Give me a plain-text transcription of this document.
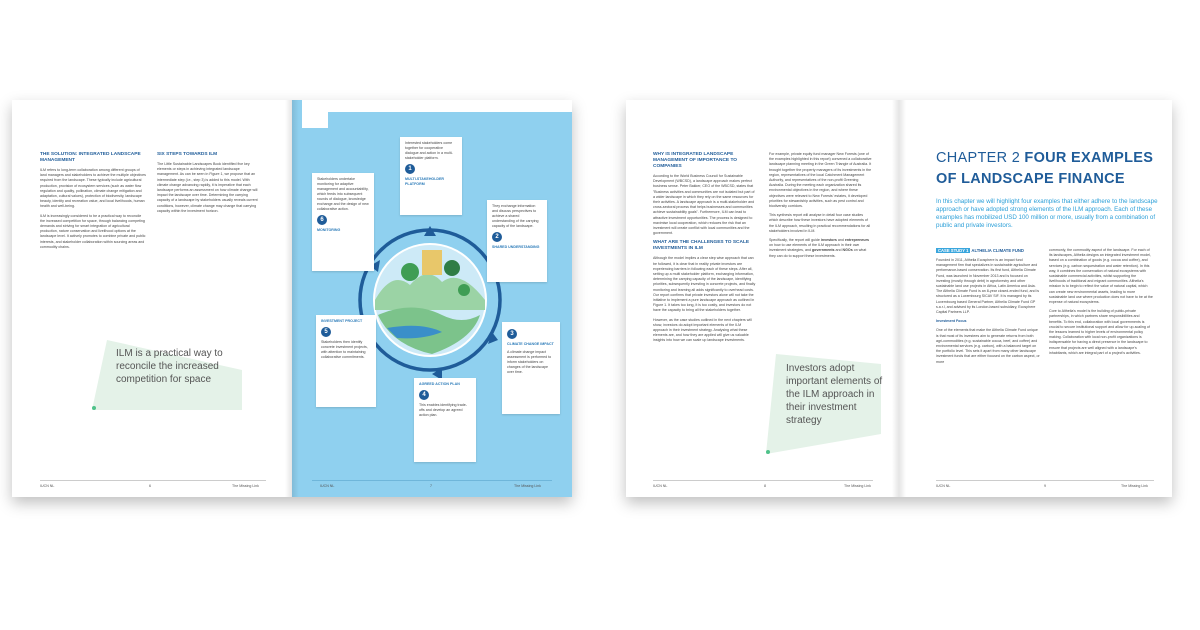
THE SOLUTION: INTEGRATED LANDSCAPE MANAGEMENT

ILM refers to long-term collaboration among different groups of land managers and stakeholders to achieve the multiple objectives required from the landscape. These typically include agricultural production, provision of ecosystem services (such as water flow regulation and quality, pollination, climate change mitigation and adaptation, cultural values), protection of biodiversity, landscape beauty, identity and recreation value, and local livelihoods, human health and well-being.

ILM is increasingly considered to be a practical way to reconcile the increased competition for space, through balancing competing demands and striving for smart integration of agricultural production, nature conservation and livelihood options at the landscape level. It actively promotes to combine private and public interests, and stakeholder collaboration within sourcing areas and commodity chains.

SIX STEPS TOWARDS ILM

The Little Sustainable Landscapes Book identified five key elements or steps in achieving integrated landscape management. As can be seen in Figure 1, we propose that an intermediate step (i.e., step 3) is added to this model. With climate change advancing rapidly, it is imperative that each landscape performs an assessment on how climate change will impact the landscape over time. Determining the carrying capacity of a landscape by stakeholders usually reveals current conditions, however, climate change may change that carrying capacity within the investment horizon.

ILM is a practical way to reconcile the increased competition for space
IUCN NL	6	The Missing Link
Interested stakeholders come together for cooperative dialogue and action in a multi-stakeholder platform.
1
MULTI-STAKEHOLDER PLATFORM
They exchange information and discuss perspectives to achieve a shared understanding of the carrying capacity of the landscape.
2
SHARED UNDERSTANDING
3
CLIMATE CHANGE IMPACT
A climate change impact assessment is performed to inform stakeholders on changes of the landscape over time.
AGREED ACTION PLAN
4
This enables identifying trade-offs and develop an agreed action plan.
INVESTMENT PROJECT
5
Stakeholders then identify concrete investment projects, with attention to maintaining collaborative commitments.
Stakeholders undertake monitoring for adaptive management and accountability, which feeds into subsequent rounds of dialogue, knowledge exchange and the design of new collaborative action.
6
MONITORING
IUCN NL	7	The Missing Link
WHY IS INTEGRATED LANDSCAPE MANAGEMENT OF IMPORTANCE TO COMPANIES

According to the World Business Council for Sustainable Development (WBCSD), a landscape approach makes perfect business sense. Peter Bakker, CEO of the WBCSD, states that "Business activities and communities are not isolated but part of a wider landscape in which they rely on the same resources for their activities. A landscape approach is a multi-stakeholder and cross-sectoral process that helps businesses and communities achieve sustainability goals". Furthermore, ILM can lead to attractive investment opportunities. The process is designed to maximise local cooperation, which reduces the risk that an investment will create conflict with local communities and the government.

WHAT ARE THE CHALLENGES TO SCALE INVESTMENTS IN ILM

Although the model implies a clear step wise approach that can be followed, it is clear that in reality private investors are experiencing barriers in following each of these steps. After all, setting up a multi stakeholder platform, exchanging information, determining the carrying capacity of the landscape, identifying priorities, subsequently investing in concrete projects, and finally monitoring and learning all adds significantly to overhead costs. Our report confirms that private investors alone will not take the initiative to implement a pure landscape approach as outlined in Figure 1. It takes too long, it is too costly, and investors do not have the capacity to bring all the stakeholders together.

However, as the case studies outlined in the next chapters will show, investors do adopt important elements of the ILM approach in their investment strategy. Analysing what these elements are, and how they are applied will give us valuable insights into how we can scale up landscape investments.

For example, private equity fund manager New Forests (one of the examples highlighted in this report) convened a collaborative landscape planning meeting in the Green Triangle of Australia. It brought together the property managers of its investments in the region, representatives of the local Catchment Management Authority, and representatives of the non-profit Greening Australia. During the meeting each organization shared its environmental objectives in the region, and where these objectives were relevant to New Forests' estates, it developed priorities for stewardship activities, such as pest control and biodiversity corridors.

This synthesis report will analyse in detail four case studies which describe how these investors have adopted elements of the ILM approach, resulting in practical recommendations for all stakeholders involved in ILM.

Specifically, the report will guide investors and entrepreneurs on how to use elements of the ILM approach in their own investment strategies, and governments and NGOs on what they can do to support these investments.

Investors adopt important elements of the ILM approach in their investment strategy
IUCN NL	8	The Missing Link
CHAPTER 2 FOUR EXAMPLES OF LANDSCAPE FINANCE
In this chapter we will highlight four examples that either adhere to the landscape approach or have adopted strong elements of the ILM approach. Each of these examples has mobilized USD 100 million or more, usually from a combination of public and private investors.
CASE STUDY 1 ALTHELIA CLIMATE FUND

Founded in 2011, Althelia Ecosphere is an impact fund management firm that specializes in sustainable agriculture and performance-based conservation. Its first fund, Althelia Climate Fund, was launched in November 2013 and is focused on investing (mostly through debt) in agroforestry and other sustainable land use projects in Africa, Latin America and Asia. The Althelia Climate Fund is an 8-year closed-ended fund, and is structured as a Luxembourg SICAV SIF. It is managed by its Luxembourg based General Partner, Althelia Climate Fund GP s.a.r.l, and advised by its London-based subsidiary, Ecosphere Capital Partners LLP.

Investment Focus

One of the elements that make the Althelia Climate Fund unique is that most of its investees aim to generate returns from both agri-commodities (e.g. sustainable cocoa, beef, and coffee) and environmental services (e.g. carbon), with a balanced target on the portfolio level. This sets it apart from many other landscape investment funds that are either focused on the carbon aspect, or more

commonly, the commodity aspect of the landscape. For each of its landscapes, Althelia designs an integrated investment model, based on a combination of goods (e.g. cocoa and coffee), and services (e.g. carbon sequestration and water retention). In this way, it combines the conservation of natural ecosystems with sustainable commercial activities, whilst supporting the livelihoods of traditional and migrant communities. Althelia's mission is to begin to reflect the value of natural capital, which can create new environmental assets, leading to more sustainable land use where production does not have to be at the expense of natural ecosystems.

Core to Althelia's model is the building of public-private partnerships, in which partners share responsibilities and benefits. To this end, collaboration with local governments is crucial to secure institutional support and allow for up-scaling of the lessons learned to higher levels of environmental policy making. Collaboration with local non-profit organizations is indispensable for having a direct presence in the landscape to ensure that projects are well aligned with a landscape's inhabitants, which are integral part of a project's activities.

IUCN NL	9	The Missing Link
